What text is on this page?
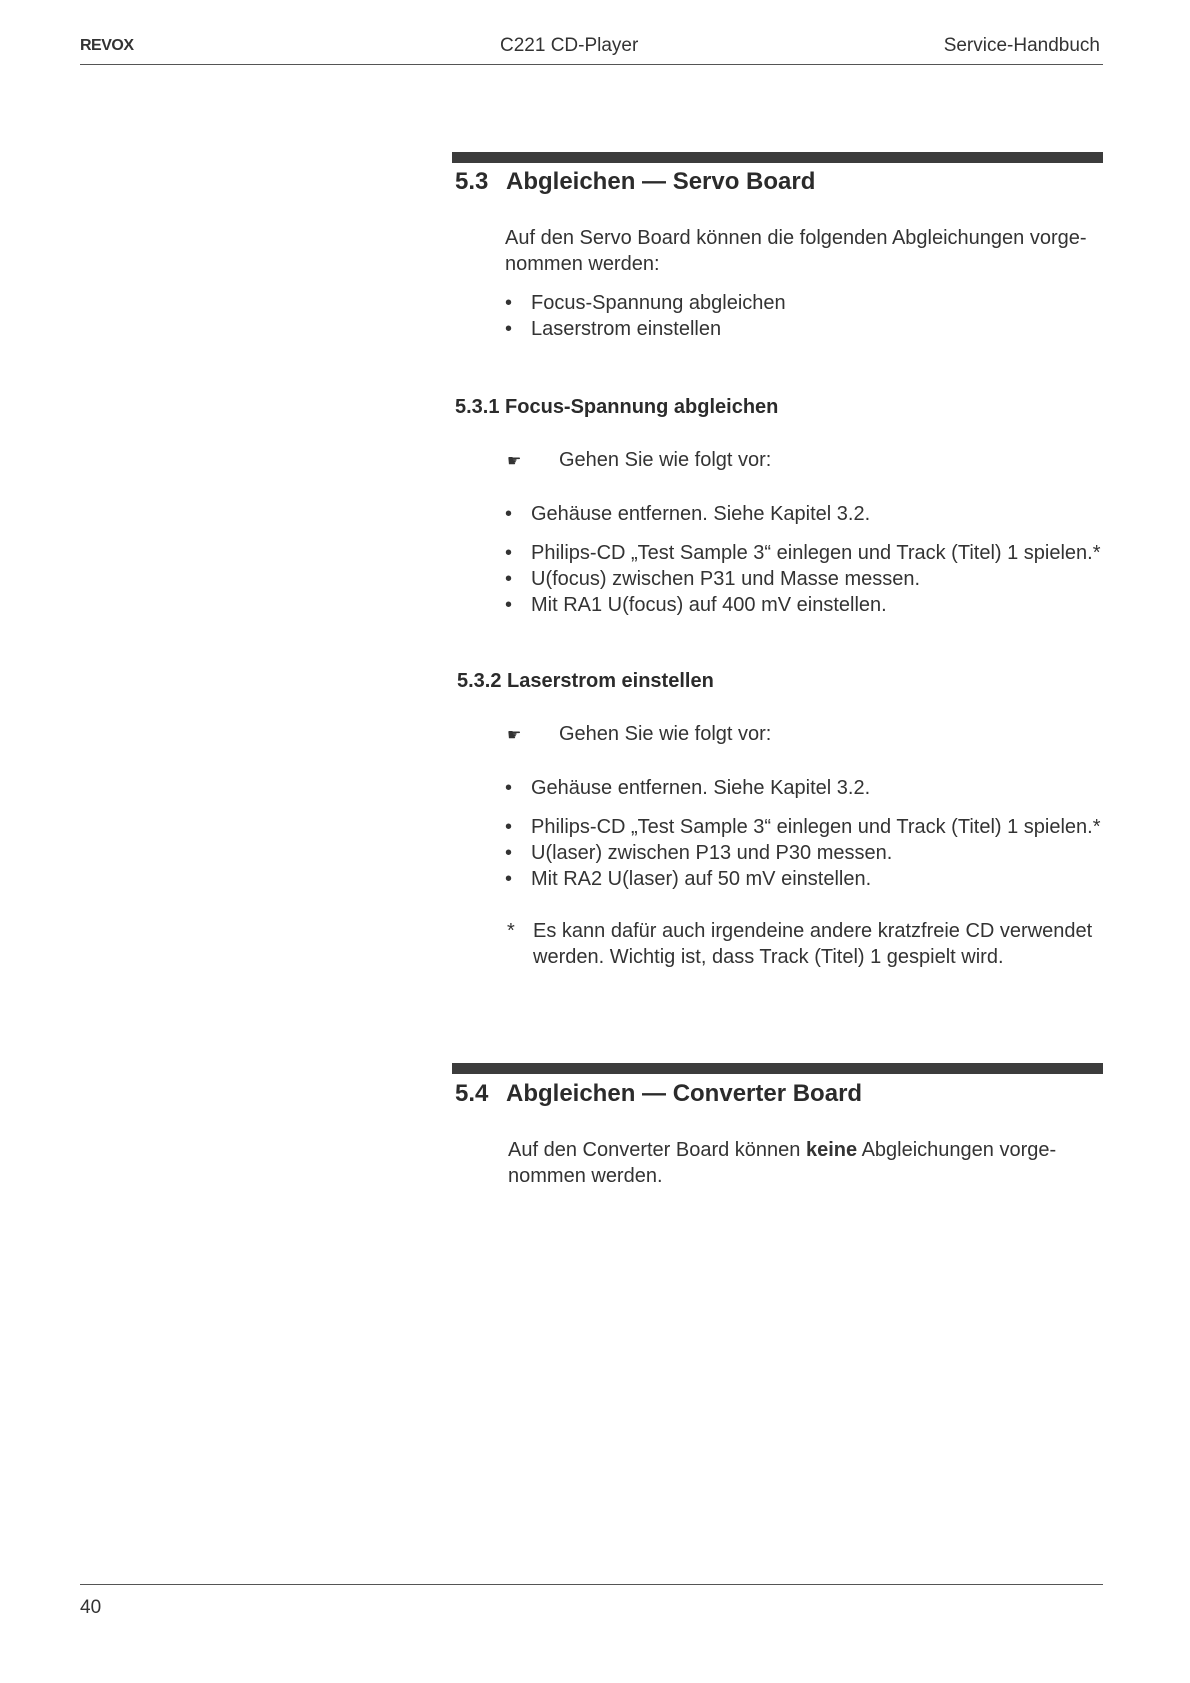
REVOX	C221 CD-Player	Service-Handbuch
5.3 Abgleichen — Servo Board
Auf den Servo Board können die folgenden Abgleichungen vorge-
nommen werden:
• Focus-Spannung abgleichen
• Laserstrom einstellen
5.3.1 Focus-Spannung abgleichen
☛ Gehen Sie wie folgt vor:
• Gehäuse entfernen. Siehe Kapitel 3.2.
• Philips-CD „Test Sample 3“ einlegen und Track (Titel) 1 spielen.*
• U(focus) zwischen P31 und Masse messen.
• Mit RA1 U(focus) auf 400 mV einstellen.
5.3.2 Laserstrom einstellen
☛ Gehen Sie wie folgt vor:
• Gehäuse entfernen. Siehe Kapitel 3.2.
• Philips-CD „Test Sample 3“ einlegen und Track (Titel) 1 spielen.*
• U(laser) zwischen P13 und P30 messen.
• Mit RA2 U(laser) auf 50 mV einstellen.
* Es kann dafür auch irgendeine andere kratzfreie CD verwendet
werden. Wichtig ist, dass Track (Titel) 1 gespielt wird.
5.4 Abgleichen — Converter Board
Auf den Converter Board können keine Abgleichungen vorge-
nommen werden.
40
